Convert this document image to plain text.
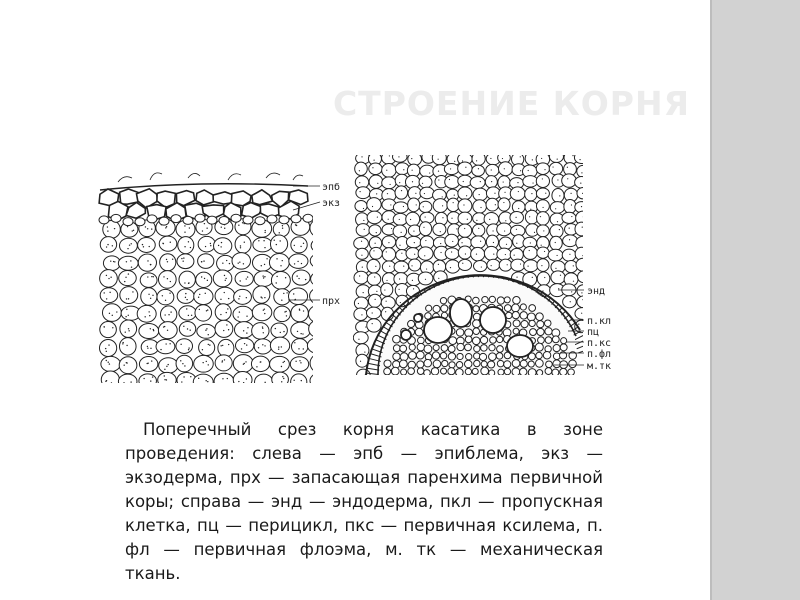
СТРОЕНИЕ КОРНЯ
эпб
экз
прх
энд
п.кл
пц
п.кс
п.фл
м.тк
Поперечный срез корня касатика в зоне проведения: слева — эпб — эпиблема, экз — экзодерма, прх — запасающая паренхима первичной коры; справа — энд — эндодерма, пкл — пропускная клетка, пц — перицикл, пкс — первичная ксилема, п. фл — первичная флоэма, м. тк — механическая ткань.
